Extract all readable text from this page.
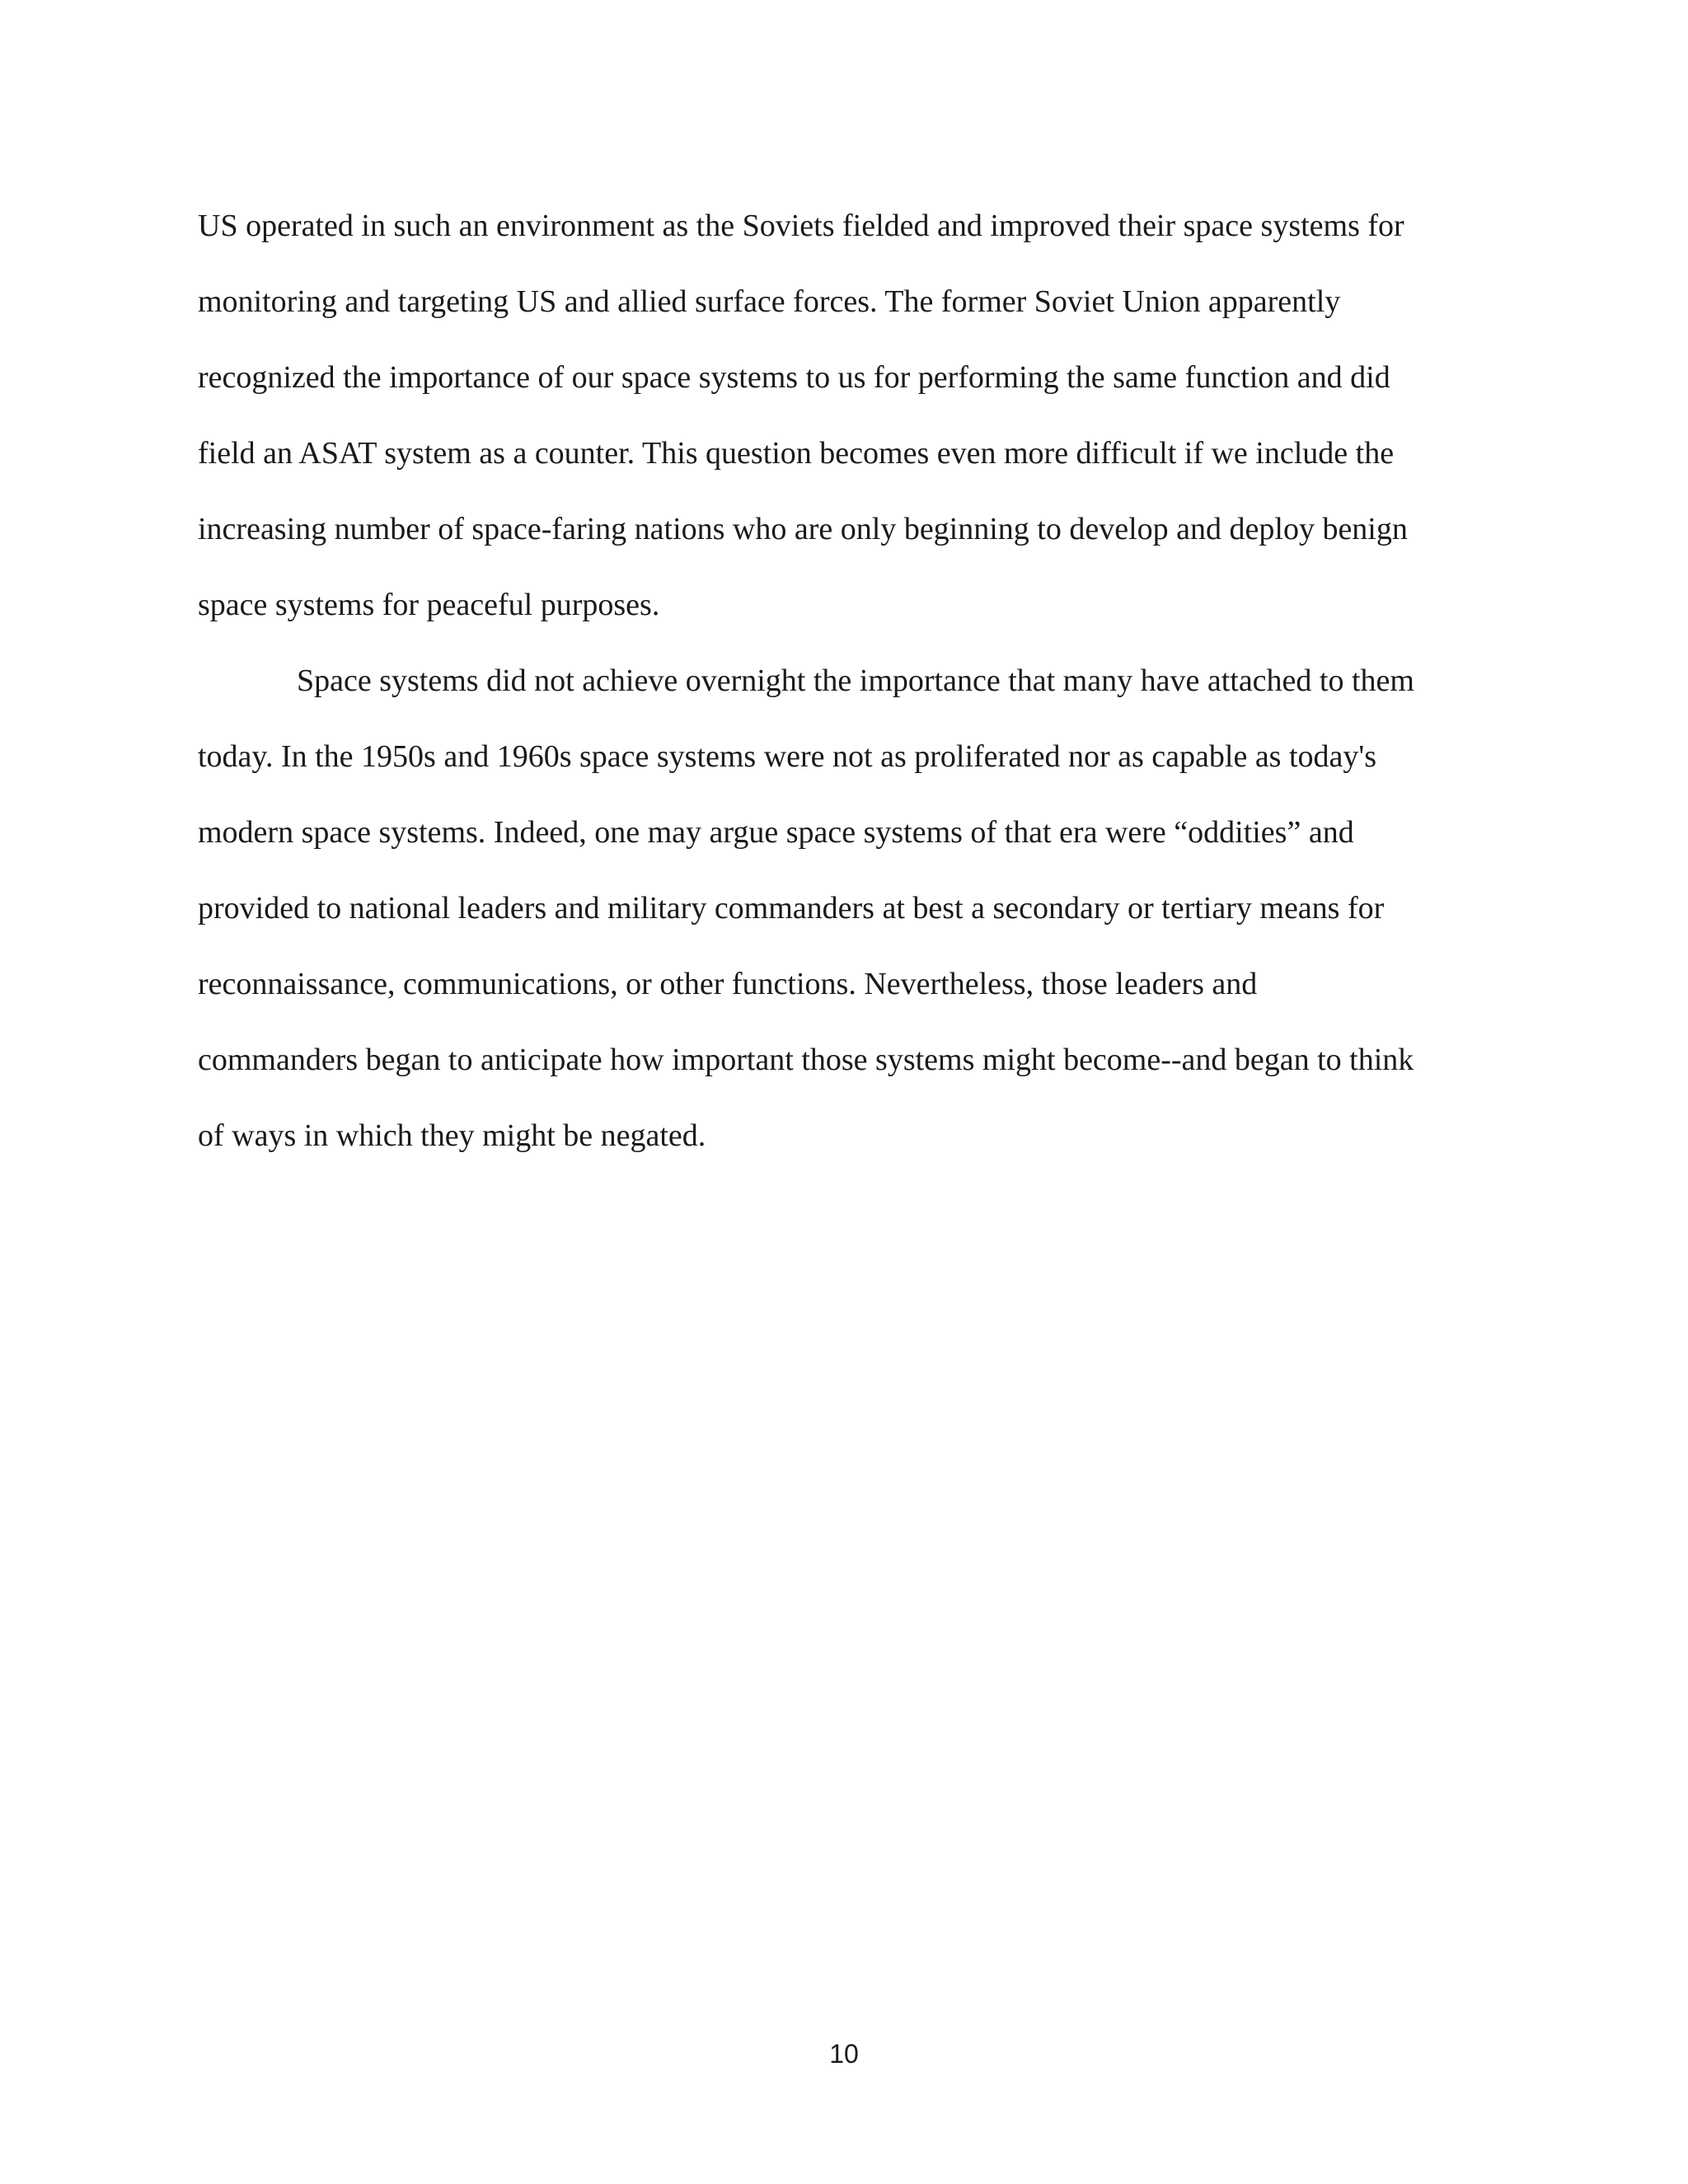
US operated in such an environment as the Soviets fielded and improved their space systems for
monitoring and targeting US and allied surface forces. The former Soviet Union apparently
recognized the importance of our space systems to us for performing the same function and did
field an ASAT system as a counter. This question becomes even more difficult if we include the
increasing number of space-faring nations who are only beginning to develop and deploy benign
space systems for peaceful purposes.
Space systems did not achieve overnight the importance that many have attached to them
today. In the 1950s and 1960s space systems were not as proliferated nor as capable as today's
modern space systems. Indeed, one may argue space systems of that era were “oddities” and
provided to national leaders and military commanders at best a secondary or tertiary means for
reconnaissance, communications, or other functions. Nevertheless, those leaders and
commanders began to anticipate how important those systems might become--and began to think
of ways in which they might be negated.
10
